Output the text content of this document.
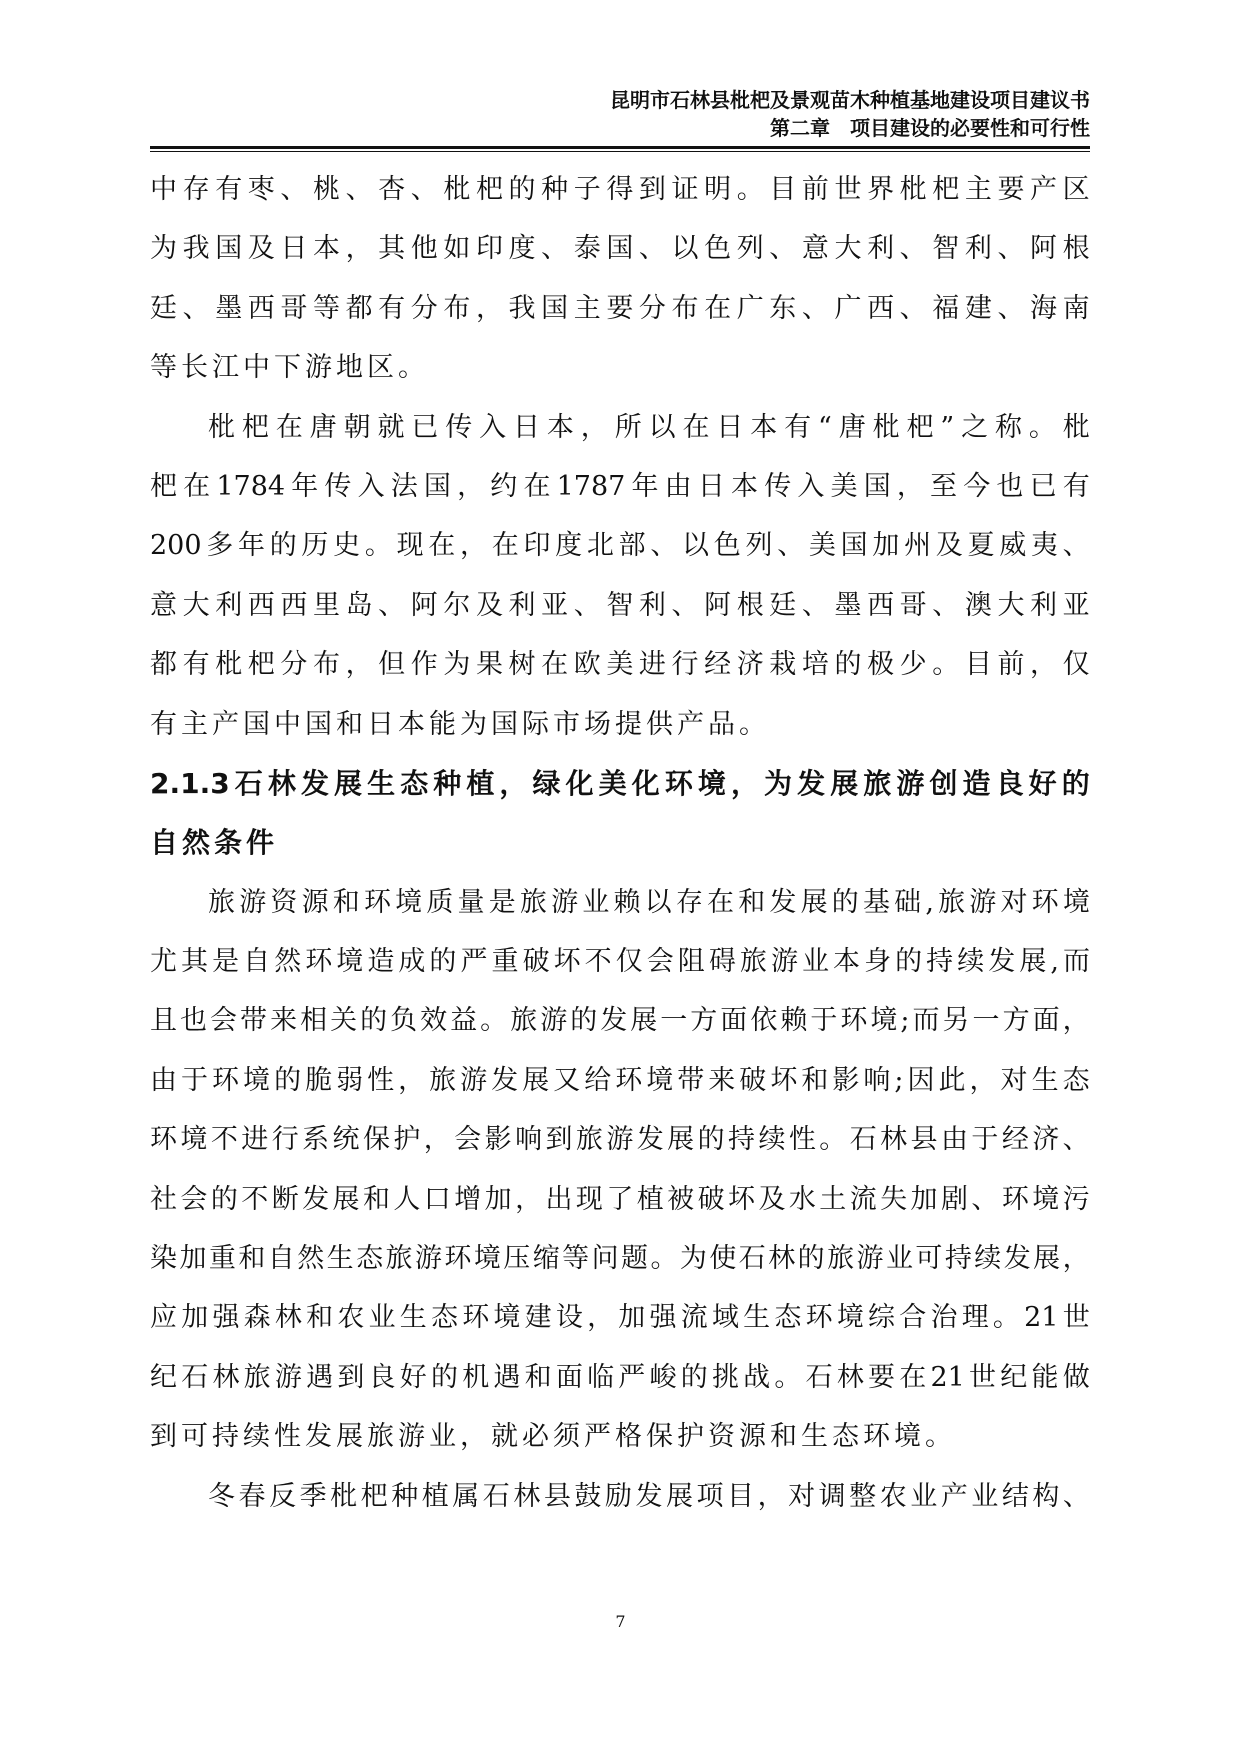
昆明市石林县枇杷及景观苗木种植基地建设项目建议书
第二章　项目建设的必要性和可行性
中 存 有 枣 、 桃 、 杏 、 枇 杷 的 种 子 得 到 证 明 。 目 前 世 界 枇 杷 主 要 产 区
为 我 国 及 日 本 ， 其 他 如 印 度 、 泰 国 、 以 色 列 、 意 大 利 、 智 利 、 阿 根
廷 、 墨 西 哥 等 都 有 分 布 ， 我 国 主 要 分 布 在 广 东 、 广 西 、 福 建 、 海 南
等 长 江 中 下 游 地 区 。
枇 杷 在 唐 朝 就 已 传 入 日 本 ， 所 以 在 日 本 有 “ 唐 枇 杷 ” 之 称 。 枇
杷 在 1784 年 传 入 法 国 ， 约 在 1787 年 由 日 本 传 入 美 国 ， 至 今 也 已 有
200 多 年 的 历 史 。 现 在 ， 在 印 度 北 部 、 以 色 列 、 美 国 加 州 及 夏 威 夷 、
意 大 利 西 西 里 岛 、 阿 尔 及 利 亚 、 智 利 、 阿 根 廷 、 墨 西 哥 、 澳 大 利 亚
都 有 枇 杷 分 布 ， 但 作 为 果 树 在 欧 美 进 行 经 济 栽 培 的 极 少 。 目 前 ， 仅
有 主 产 国 中 国 和 日 本 能 为 国 际 市 场 提 供 产 品 。
2.1.3 石 林 发 展 生 态 种 植 ， 绿 化 美 化 环 境 ， 为 发 展 旅 游 创 造 良 好 的
自 然 条 件
旅 游 资 源 和 环 境 质 量 是 旅 游 业 赖 以 存 在 和 发 展 的 基 础 , 旅 游 对 环 境
尤 其 是 自 然 环 境 造 成 的 严 重 破 坏 不 仅 会 阻 碍 旅 游 业 本 身 的 持 续 发 展 , 而
且 也 会 带 来 相 关 的 负 效 益 。 旅 游 的 发 展 一 方 面 依 赖 于 环 境 ; 而 另 一 方 面 ，
由 于 环 境 的 脆 弱 性 ， 旅 游 发 展 又 给 环 境 带 来 破 坏 和 影 响 ; 因 此 ， 对 生 态
环 境 不 进 行 系 统 保 护 ， 会 影 响 到 旅 游 发 展 的 持 续 性 。 石 林 县 由 于 经 济 、
社 会 的 不 断 发 展 和 人 口 增 加 ， 出 现 了 植 被 破 坏 及 水 土 流 失 加 剧 、 环 境 污
染 加 重 和 自 然 生 态 旅 游 环 境 压 缩 等 问 题 。 为 使 石 林 的 旅 游 业 可 持 续 发 展 ，
应 加 强 森 林 和 农 业 生 态 环 境 建 设 ， 加 强 流 域 生 态 环 境 综 合 治 理 。 21 世
纪 石 林 旅 游 遇 到 良 好 的 机 遇 和 面 临 严 峻 的 挑 战 。 石 林 要 在 21 世 纪 能 做
到 可 持 续 性 发 展 旅 游 业 ， 就 必 须 严 格 保 护 资 源 和 生 态 环 境 。
冬 春 反 季 枇 杷 种 植 属 石 林 县 鼓 励 发 展 项 目 ， 对 调 整 农 业 产 业 结 构 、
7
